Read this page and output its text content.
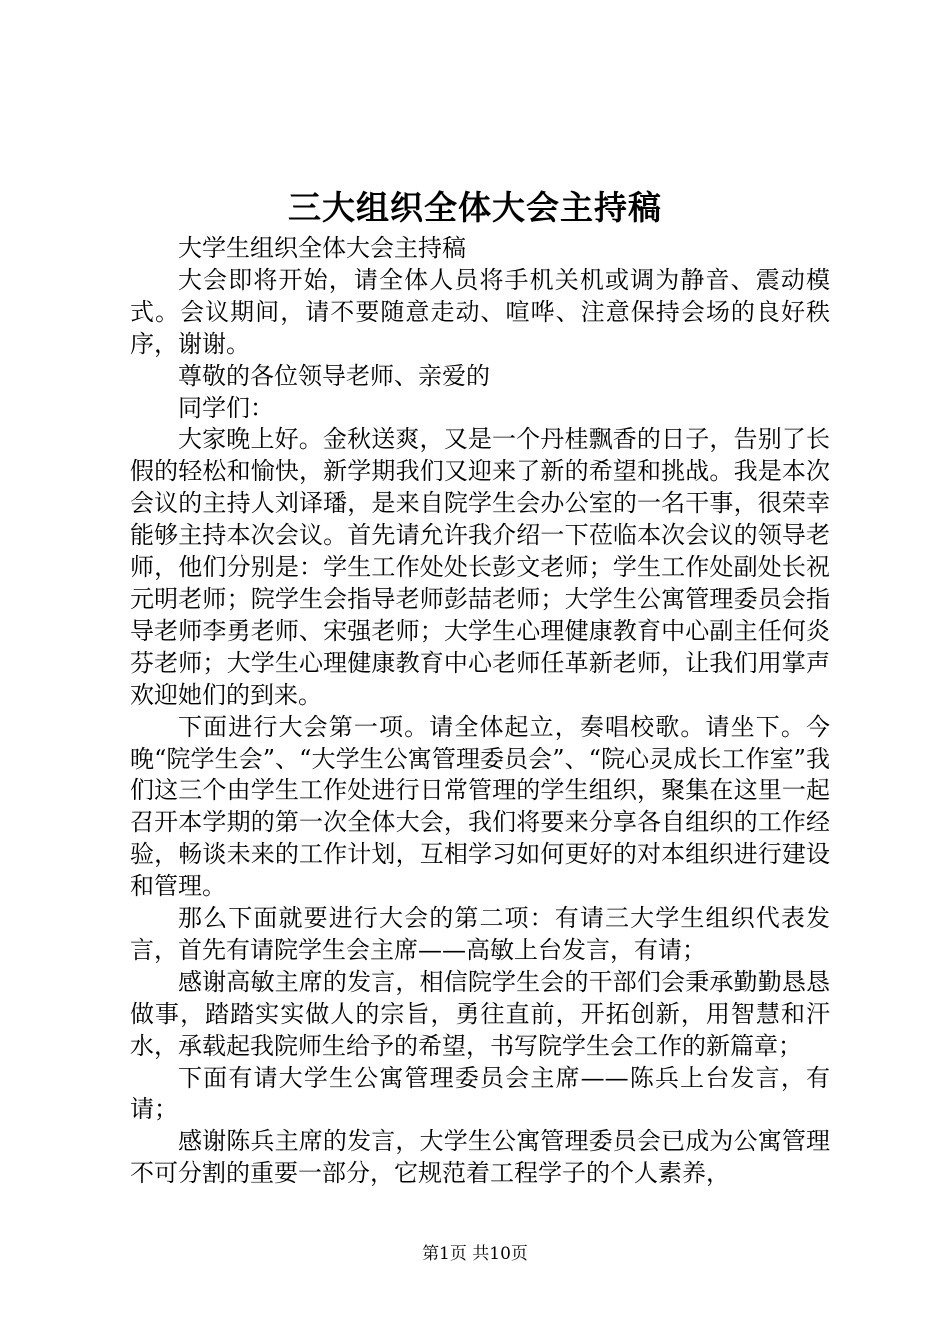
三大组织全体大会主持稿

大学生组织全体大会主持稿

大会即将开始，请全体人员将手机关机或调为静音、震动模式。会议期间，请不要随意走动、喧哗、注意保持会场的良好秩序，谢谢。

尊敬的各位领导老师、亲爱的

同学们：

大家晚上好。金秋送爽，又是一个丹桂飘香的日子，告别了长假的轻松和愉快，新学期我们又迎来了新的希望和挑战。我是本次会议的主持人刘译璠，是来自院学生会办公室的一名干事，很荣幸能够主持本次会议。首先请允许我介绍一下莅临本次会议的领导老师，他们分别是：学生工作处处长彭文老师；学生工作处副处长祝元明老师；院学生会指导老师彭喆老师；大学生公寓管理委员会指导老师李勇老师、宋强老师；大学生心理健康教育中心副主任何炎芬老师；大学生心理健康教育中心老师任革新老师，让我们用掌声欢迎她们的到来。

下面进行大会第一项。请全体起立，奏唱校歌。请坐下。今晚“院学生会”、“大学生公寓管理委员会”、“院心灵成长工作室”我们这三个由学生工作处进行日常管理的学生组织，聚集在这里一起召开本学期的第一次全体大会，我们将要来分享各自组织的工作经验，畅谈未来的工作计划，互相学习如何更好的对本组织进行建设和管理。

那么下面就要进行大会的第二项：有请三大学生组织代表发言，首先有请院学生会主席——高敏上台发言，有请；

感谢高敏主席的发言，相信院学生会的干部们会秉承勤勤恳恳做事，踏踏实实做人的宗旨，勇往直前，开拓创新，用智慧和汗水，承载起我院师生给予的希望，书写院学生会工作的新篇章；

下面有请大学生公寓管理委员会主席——陈兵上台发言，有请；

感谢陈兵主席的发言，大学生公寓管理委员会已成为公寓管理不可分割的重要一部分，它规范着工程学子的个人素养，

第1页 共10页
